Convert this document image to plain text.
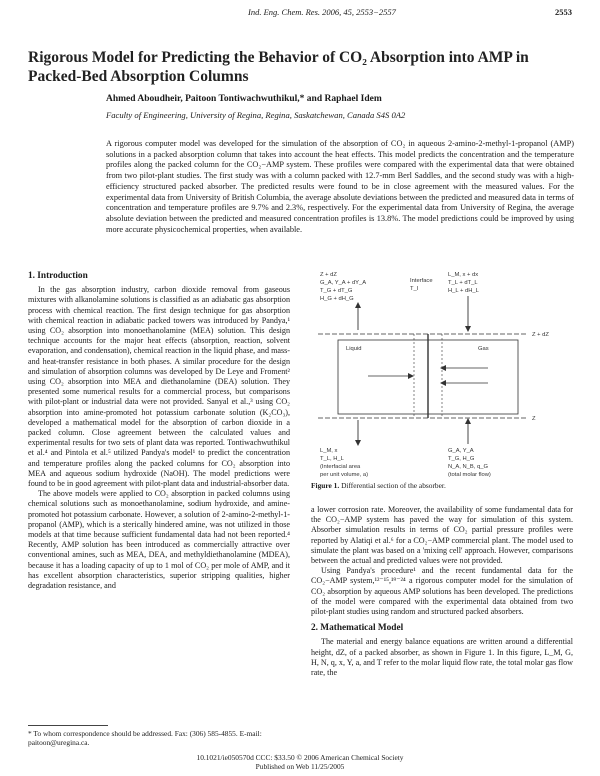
Ind. Eng. Chem. Res. 2006, 45, 2553−2557	2553
Rigorous Model for Predicting the Behavior of CO₂ Absorption into AMP in Packed-Bed Absorption Columns
Ahmed Aboudheir, Paitoon Tontiwachwuthikul,* and Raphael Idem
Faculty of Engineering, University of Regina, Regina, Saskatchewan, Canada S4S 0A2
A rigorous computer model was developed for the simulation of the absorption of CO₂ in aqueous 2-amino-2-methyl-1-propanol (AMP) solutions in a packed absorption column that takes into account the heat effects. This model predicts the concentration and the temperature profiles along the packed column for the CO₂−AMP system. These profiles were compared with the experimental data that were obtained from two pilot-plant studies. The first study was with a column packed with 12.7-mm Berl Saddles, and the second study was with a high-efficiency structured packed absorber. The predicted results were found to be in close agreement with the measured values. For the experimental data from University of British Columbia, the average absolute deviations between the predicted and measured data in terms of concentration and temperature profiles are 9.7% and 2.3%, respectively. For the experimental data from University of Regina, the average absolute deviation between the predicted and measured concentration profiles is 13.8%. The model predictions could be improved by using more accurate physicochemical properties, when available.
1. Introduction

In the gas absorption industry, carbon dioxide removal from gaseous mixtures with alkanolamine solutions is classified as an adiabatic gas absorption process with chemical reaction. The first design technique for gas absorption with chemical reaction in adiabatic packed towers was introduced by Pandya,¹ using CO₂ absorption into monoethanolamine (MEA) solution. This design technique accounts for the major heat effects (absorption, reaction, solvent evaporation, and condensation), chemical reaction in the liquid phase, and mass- and heat-transfer resistance in both phases. A similar procedure for the design and simulation of absorption columns was developed by De Leye and Froment² using CO₂ absorption into MEA and diethanolamine (DEA) solution. They presented some numerical results for a commercial process, but comparisons with pilot-plant or industrial data were not provided. Sanyal et al.,³ using CO₂ absorption into amine-promoted hot potassium carbonate solution (K₂CO₃), developed a mathematical model for the absorption of carbon dioxide in a packed column. Close agreement between the calculated values and experimental results for two sets of plant data was reported. Tontiwachwuthikul et al.⁴ and Pintola et al.⁵ utilized Pandya's model¹ to predict the concentration and temperature profiles along the packed columns for CO₂ absorption into MEA and aqueous sodium hydroxide (NaOH). The model predictions were found to be in good agreement with pilot-plant data and industrial-absorber data.

The above models were applied to CO₂ absorption in packed columns using chemical solutions such as monoethanolamine, sodium hydroxide, and amine-promoted hot potassium carbonate. However, a solution of 2-amino-2-methyl-1-propanol (AMP), which is a sterically hindered amine, was not utilized in those models at that time because sufficient fundamental data had not been reported.⁴ Recently, AMP solution has been introduced as commercially attractive over conventional amines, such as MEA, DEA, and methyldiethanolamine (MDEA), because it has a loading capacity of up to 1 mol of CO₂ per mole of AMP, and it has excellent absorption characteristics, superior stripping qualities, higher degradation resistance, and

* To whom correspondence should be addressed. Fax: (306) 585-4855. E-mail: paitoon@uregina.ca.
Z + dZ
G_A, Y_A + dY_A
T_G + dT_G
H_G + dH_G
Interface
T_I
L_M, x + dx
T_L + dT_L
H_L + dH_L
Z + dZ
Liquid	Gas
Z
L_M, x
T_L, H_L
(Interfacial area
per unit volume, a)
G_A, Y_A
T_G, H_G
N_A, N_B, q_G
(total molar flow)
Figure 1. Differential section of the absorber.

a lower corrosion rate. Moreover, the availability of some fundamental data for the CO₂−AMP system has paved the way for simulation of this system. Absorber simulation results in terms of CO₂ partial pressure profiles were reported by Alatiqi et al.⁶ for a CO₂−AMP commercial plant. The model used to simulate the plant was based on a 'mixing cell' approach. However, comparisons between the actual and predicted values were not provided.

Using Pandya's procedure¹ and the recent fundamental data for the CO₂−AMP system,¹²⁻¹⁵,¹⁹⁻²⁴ a rigorous computer model for the simulation of CO₂ absorption by aqueous AMP solutions has been developed. The predictions of the model were compared with the experimental data obtained from two pilot-plant studies using random and structured packed absorbers.

2. Mathematical Model

The material and energy balance equations are written around a differential height, dZ, of a packed absorber, as shown in Figure 1. In this figure, L_M, G, H, N, q, x, Y, a, and T refer to the molar liquid flow rate, the total molar gas flow rate, the

10.1021/ie050570d CCC: $33.50 © 2006 American Chemical Society
Published on Web 11/25/2005
